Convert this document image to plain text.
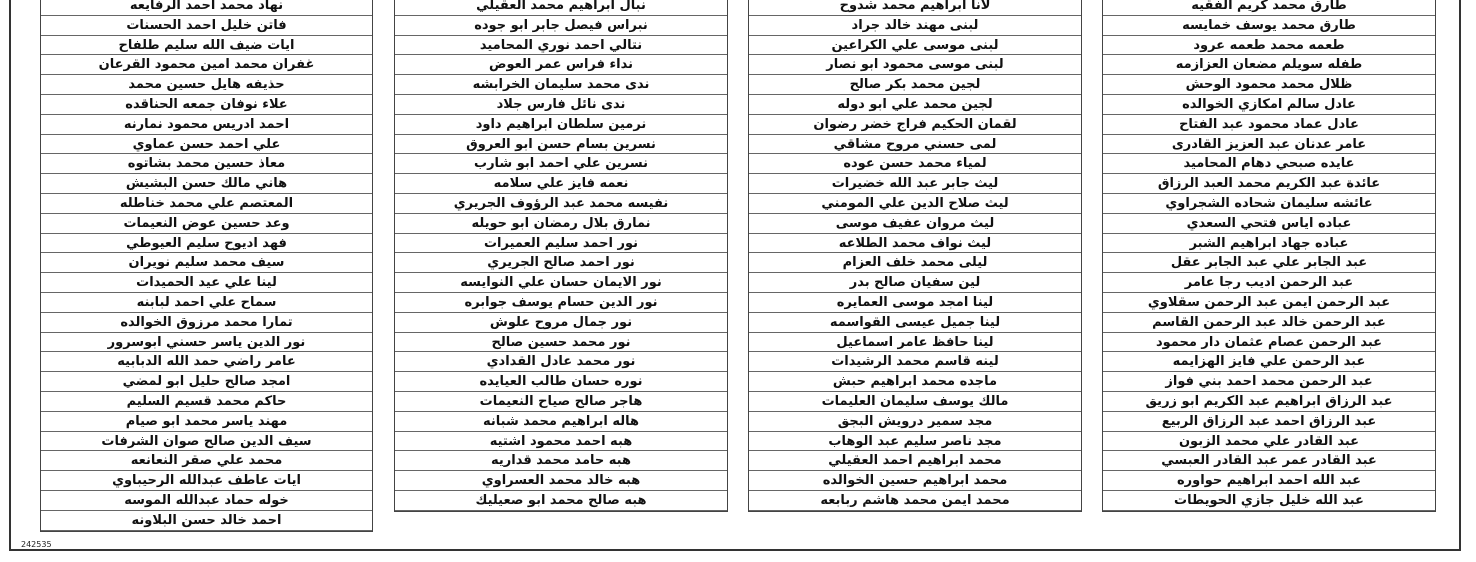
طارق محمد كريم الفقيه
طارق محمد يوسف خمايسه
طعمه محمد طعمه عرود
طفله سويلم مضعان العزازمه
ظلال محمد محمود الوحش
عادل سالم امكازي الخوالده
عادل عماد محمود عبد الفتاح
عامر عدنان عبد العزيز القادرى
عايده صبحي دهام المحاميد
عائدة عبد الكريم محمد العبد الرزاق
عائشه سليمان شحاده الشجراوي
عباده اياس فتحي السعدي
عباده جهاد ابراهيم الشبر
عبد الجابر علي عبد الجابر عقل
عبد الرحمن اديب رجا عامر
عبد الرحمن ايمن عبد الرحمن سقلاوي
عبد الرحمن خالد عبد الرحمن القاسم
عبد الرحمن عصام عثمان دار محمود
عبد الرحمن علي فايز الهزايمه
عبد الرحمن محمد احمد بني فواز
عبد الرزاق ابراهيم عبد الكريم ابو زريق
عبد الرزاق احمد عبد الرزاق الربيع
عبد القادر علي محمد الزبون
عبد القادر عمر عبد القادر العبسي
عبد الله احمد ابراهيم حواوره
عبد الله خليل جازي الحويطات
لانا ابراهيم محمد شدوح
لبنى مهند خالد جراد
لبنى موسى علي الكراعين
لبنى موسى محمود ابو نصار
لجين محمد بكر صالح
لجين محمد علي ابو دوله
لقمان الحكيم فراج خضر رضوان
لمى حسني مروح مشاقي
لمياء محمد حسن عوده
ليث جابر عبد الله خضيرات
ليث صلاح الدين علي المومني
ليث مروان عفيف موسى
ليث نواف محمد الطلاعه
ليلى محمد خلف العزام
لين سفيان صالح بدر
لينا امجد موسى العمايره
لينا جميل عيسى القواسمه
لينا حافظ عامر اسماعيل
لينه قاسم محمد الرشيدات
ماجده محمد ابراهيم حبش
مالك يوسف سليمان العليمات
مجد سمير درويش البجق
مجد ناصر سليم عبد الوهاب
محمد ابراهيم احمد العقيلي
محمد ابراهيم حسين الخوالده
محمد ايمن محمد هاشم ربابعه
نبال ابراهيم محمد العقيلي
نبراس فيصل جابر ابو جوده
نتالي احمد نوري المحاميد
نداء فراس عمر العوض
ندى محمد سليمان الخرابشه
ندى نائل فارس جلاد
نرمين سلطان ابراهيم داود
نسرين بسام حسن ابو العروق
نسرين علي احمد ابو شارب
نعمه فايز علي سلامه
نفيسه محمد عبد الرؤوف الجريري
نمارق بلال رمضان ابو حويله
نور احمد سليم العميرات
نور احمد صالح الجريري
نور الايمان حسان علي النوايسه
نور الدين حسام يوسف جوابره
نور جمال مروح علوش
نور محمد حسين صالح
نور محمد عادل القدادي
نوره حسان طالب العيايده
هاجر صالح صياح النعيمات
هاله ابراهيم محمد شبانه
هبه احمد محمود اشتيه
هبه حامد محمد قداريه
هبه خالد محمد العسراوي
هبه صالح محمد ابو صعيليك
نهاد محمد احمد الرفايعه
فاتن خليل احمد الحسنات
ايات ضيف الله سليم طلفاح
غفران محمد امين محمود القرعان
حذيفه هايل حسين محمد
علاء نوفان جمعه الحناقده
احمد ادريس محمود نمارنه
علي احمد حسن عماوي
معاذ حسين محمد بشاتوه
هاني مالك حسن البشيش
المعتصم علي محمد خناطله
وعد حسين عوض النعيمات
فهد اديوح سليم العيوطي
سيف محمد سليم نويران
لينا علي عيد الحميدات
سماح علي احمد لبابنه
تمارا محمد مرزوق الخوالده
نور الدين ياسر حسني ابوسرور
عامر راضي حمد الله الدبابيه
امجد صالح حليل ابو لمضي
حاكم محمد قسيم السليم
مهند ياسر محمد ابو صيام
سيف الدين صالح صوان الشرفات
محمد علي صقر النعانعه
ايات عاطف عبدالله الرحيباوي
خوله حماد عبدالله الموسه
احمد خالد حسن البلاونه
242535
